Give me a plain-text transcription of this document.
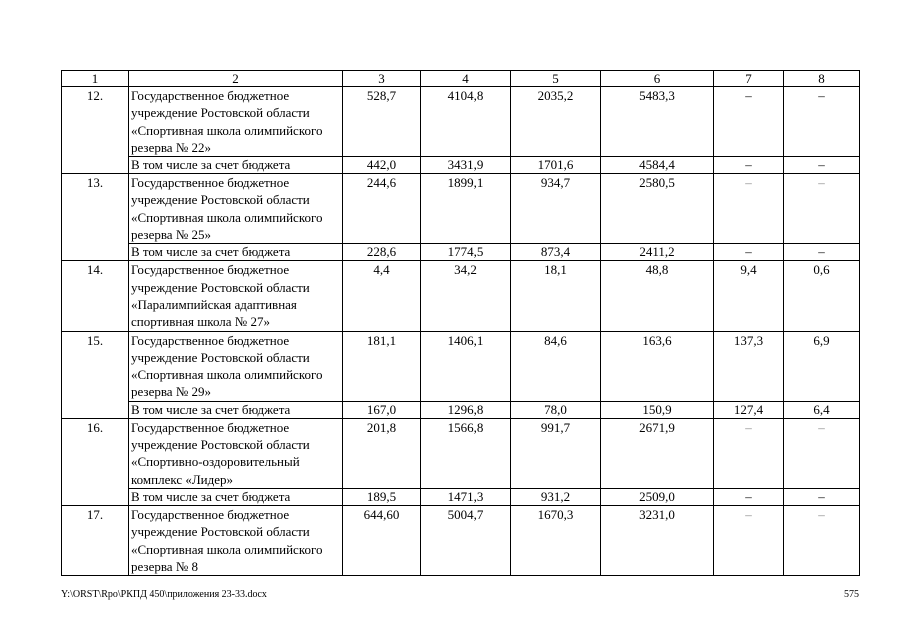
1	2	3	4	5	6	7	8
12.	Государственное бюджетное учреждение Ростовской области «Спортивная школа олимпийского резерва № 22»	528,7	4104,8	2035,2	5483,3	–	–
	В том числе за счет бюджета	442,0	3431,9	1701,6	4584,4	–	–
13.	Государственное бюджетное учреждение Ростовской области «Спортивная школа олимпийского резерва № 25»	244,6	1899,1	934,7	2580,5	–	–
	В том числе за счет бюджета	228,6	1774,5	873,4	2411,2	–	–
14.	Государственное бюджетное учреждение Ростовской области «Паралимпийская адаптивная спортивная школа № 27»	4,4	34,2	18,1	48,8	9,4	0,6
15.	Государственное бюджетное учреждение Ростовской области «Спортивная школа олимпийского резерва № 29»	181,1	1406,1	84,6	163,6	137,3	6,9
	В том числе за счет бюджета	167,0	1296,8	78,0	150,9	127,4	6,4
16.	Государственное бюджетное учреждение Ростовской области «Спортивно-оздоровительный комплекс «Лидер»	201,8	1566,8	991,7	2671,9	–	–
	В том числе за счет бюджета	189,5	1471,3	931,2	2509,0	–	–
17.	Государственное бюджетное учреждение Ростовской области «Спортивная школа олимпийского резерва № 8	644,60	5004,7	1670,3	3231,0	–	–
Y:\ORST\Rpo\РКПД 450\приложения 23-33.docx	575
